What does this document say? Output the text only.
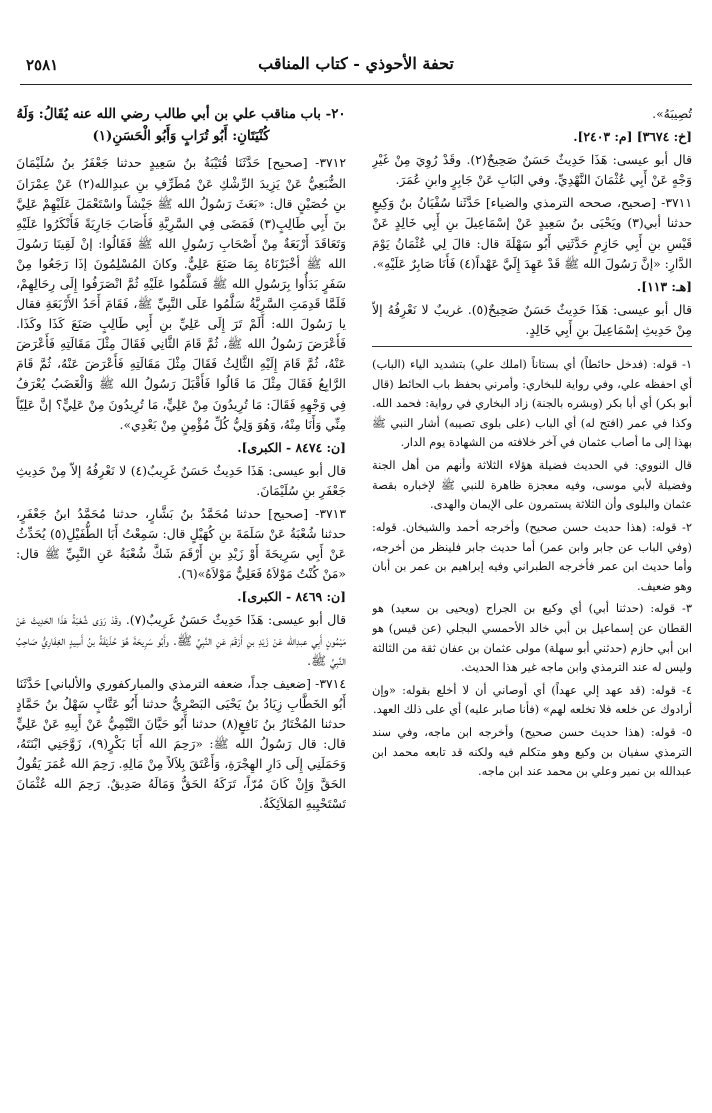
تحفة الأحوذي - كتاب المناقب
٢٥٨١

تُصِيبَهُ».

[خ: ٣٦٧٤] [م: ٢٤٠٣].

قال أبو عيسى: هَذَا حَدِيثٌ حَسَنٌ صَحِيحٌ(٢). وقَدْ رُوِيَ مِنْ غَيْرِ وَجْهٍ عَنْ أَبِي عُثْمَانَ النَّهْدِيِّ. وفي البَابِ عَنْ جَابِرٍ وابنِ عُمَرَ.

٣٧١١- [صحيح، صححه الترمذي والضياء] حَدَّثَنا سُفْيَانُ بنُ وَكِيعٍ حدثنا أبي(٣) ويَحْيَى بنُ سَعِيدٍ عَنْ إسْمَاعِيلَ بنِ أَبِي خَالِدٍ عَنْ قَيْسِ بنِ أَبِي حَازِمٍ حَدَّثَنِي أَبُو سَهْلَةَ قال: قالَ لِي عُثْمَانُ يَوْمَ الدَّارِ: «إنَّ رَسُولَ الله ﷺ قَدْ عَهِدَ إِلَيَّ عَهْداً(٤) فَأَنَا صَابِرٌ عَلَيْهِ».

[هـ: ١١٣].

قال أبو عيسى: هَذَا حَدِيثٌ حَسَنٌ صَحِيحٌ(٥). غريبٌ لا نَعْرِفُهُ إلاّ مِنْ حَدِيثِ إسْمَاعِيلَ بنِ أَبِي خَالِدٍ.

١- قوله: (فدخل حائطاً) أي بستاناً (املك علي) بتشديد الياء (الباب) أي احفظه علي، وفي رواية للبخاري: وأمرني بحفظ باب الحائط (قال أبو بكر) أي أبا بكر (وبشره بالجنة) زاد البخاري في رواية: فحمد الله. وكذا في عمر (افتح له) أي الباب (على بلوى تصيبه) أشار النبي ﷺ بهذا إلى ما أصاب عثمان في آخر خلافته من الشهادة يوم الدار.

قال النووي: في الحديث فضيلة هؤلاء الثلاثة وأنهم من أهل الجنة وفضيلة لأبي موسى، وفيه معجزة ظاهرة للنبي ﷺ لإخباره بقصة عثمان والبلوى وأن الثلاثة يستمرون على الإيمان والهدى.

٢- قوله: (هذا حديث حسن صحيح) وأخرجه أحمد والشيخان. قوله: (وفي الباب عن جابر وابن عمر) أما حديث جابر فلينظر من أخرجه، وأما حديث ابن عمر فأخرجه الطبراني وفيه إبراهيم بن عمر بن أبان وهو ضعيف.

٣- قوله: (حدثنا أبي) أي وكيع بن الجراح (ويحيى بن سعيد) هو القطان عن إسماعيل بن أبي خالد الأحمسي البجلي (عن قيس) هو ابن أبي حازم (حدثني أبو سهلة) مولى عثمان بن عفان ثقة من الثالثة وليس له عند الترمذي وابن ماجه غير هذا الحديث.

٤- قوله: (قد عهد إلي عهداً) أي أوصاني أن لا أخلع بقوله: «وإن أرادوك عن خلعه فلا تخلعه لهم» (فأنا صابر عليه) أي على ذلك العهد.

٥- قوله: (هذا حديث حسن صحيح) وأخرجه ابن ماجه، وفي سند الترمذي سفيان بن وكيع وهو متكلم فيه ولكنه قد تابعه محمد ابن عبدالله بن نمير وعلي بن محمد عند ابن ماجه.

٢٠- باب مناقب علي بن أبي طالب رضي الله عنه يُقَالُ: وَلَهُ كُنْيَتَانِ: أَبُو تُرَابٍ وَأَبُو الْحَسَنِ(١)

٣٧١٢- [صحيح] حَدَّثَنَا قُتَيْبَةُ بنُ سَعِيدٍ حدثنا جَعْفَرُ بنُ سُلَيْمَانَ الضُّبَعِيُّ عَنْ يَزِيدَ الرِّشْكِ عَنْ مُطَرِّفِ بنِ عبدِالله(٢) عَنْ عِمْرَانَ بنِ حُصَيْنٍ قال: «بَعَثَ رَسُولُ الله ﷺ جَيْشاً واسْتَعْمَلَ عَلَيْهِمْ عَلِيَّ بنَ أَبِي طَالِبٍ(٣) فَمَضَى فِي السَّرِيَّةِ فَأَصَابَ جَارِيَةً فَأَنْكَرُوا عَلَيْهِ وَتَعَاقَدَ أَرْبَعَةٌ مِنْ أَصْحَابِ رَسُولِ الله ﷺ فَقَالُوا: إنْ لَقِينَا رَسُولَ الله ﷺ أخْبَرْنَاهُ بِمَا صَنَعَ عَلِيٌّ. وكانَ المُسْلِمُونَ إذَا رَجَعُوا مِنْ سَفَرٍ بَدَأُوا بِرَسُولِ الله ﷺ فَسَلَّمُوا عَلَيْهِ ثُمَّ انْصَرَفُوا إِلَى رِحَالِهِمْ، فَلَمَّا قَدِمَتِ السَّرِيَّةُ سَلَّمُوا عَلَى النَّبِيِّ ﷺ، فَقَامَ أَحَدُ الأَرْبَعَةِ فقال يا رَسُولَ الله: أَلَمْ تَرَ إِلَى عَلِيِّ بنِ أَبِي طَالِبٍ صَنَعَ كَذَا وكَذَا. فَأَعْرَضَ رَسُولُ الله ﷺ، ثُمَّ قَامَ الثَّانِي فَقَالَ مِثْلَ مَقَالَتِهِ فَأَعْرَضَ عَنْهُ، ثُمَّ قَامَ إِلَيْهِ الثَّالِثُ فَقَالَ مِثْلَ مَقَالَتِهِ فَأَعْرَضَ عَنْهُ، ثُمَّ قَامَ الرَّابِعُ فَقَالَ مِثْلَ مَا قَالُوا فَأَقْبَلَ رَسُولُ الله ﷺ وَالْغَضَبُ يُعْرَفُ فِي وَجْهِهِ فَقَالَ: مَا تُرِيدُونَ مِنْ عَلِيٍّ، مَا تُرِيدُونَ مِنْ عَلِيٍّ؟ إنَّ عَلِيّاً مِنِّي وَأَنَا مِنْهُ، وَهُوَ وَلِيُّ كُلِّ مُؤْمِنٍ مِنْ بَعْدِي».

[ن: ٨٤٧٤ - الكبرى].

قال أبو عيسى: هَذَا حَدِيثٌ حَسَنٌ غَرِيبٌ(٤) لا نَعْرِفُهُ إلاّ مِنْ حَدِيثِ جَعْفَرِ بنِ سُلَيْمَانَ.

٣٧١٣- [صحيح] حدثنا مُحَمَّدُ بنُ بَشَّارٍ، حدثنا مُحَمَّدُ ابنُ جَعْفَرٍ، حدثنا شُعْبَةُ عَنْ سَلَمَةَ بنِ كُهَيْلٍ قال: سَمِعْتُ أَبَا الطُّفَيْلِ(٥) يُحَدِّثُ عَنْ أَبِي سَرِيحَةَ أَوْ زَيْدِ بنِ أَرْقَمَ شَكَّ شُعْبَةُ عَنِ النَّبِيِّ ﷺ قال: «مَنْ كُنْتُ مَوْلاَهُ فَعَلِيٌّ مَوْلاَهُ»(٦).

[ن: ٨٤٦٩ - الكبرى].

قال أبو عيسى: هَذَا حَدِيثٌ حَسَنٌ غَرِيبٌ(٧). وقَدْ رَوَى شُعْبَةُ هَذَا الحَدِيثَ عَنْ مَيْمُونٍ أَبِي عبدِالله عَنْ زَيْدِ بنِ أَرْقَمَ عَنِ النَّبِيِّ ﷺ. وأَبُو سَرِيحَةَ هُوَ حُذَيْفَةُ بنُ أَسِيدٍ الغِفَارِيُّ صَاحِبُ النَّبِيِّ ﷺ.

٣٧١٤- [ضعيف جداً، ضعفه الترمذي والمباركفوري والألباني] حَدَّثَنَا أَبُو الخَطَّابِ زِيَادُ بنُ يَحْيَى البَصْرِيُّ حدثنا أَبُو عَتَّابٍ سَهْلُ بنُ حَمَّادٍ حدثنا المُخْتَارُ بنُ نَافِعٍ(٨) حدثنا أَبُو حَيَّانَ التَّيْمِيُّ عَنْ أَبِيهِ عَنْ عَلِيٍّ قال: قال رَسُولُ الله ﷺ: «رَحِمَ الله أَبَا بَكْرٍ(٩)، زَوَّجَنِي ابْنَتَهُ، وَحَمَلَنِي إِلَى دَارِ الهِجْرَةِ، وَأَعْتَقَ بِلاَلاً مِنْ مَالِهِ. رَحِمَ الله عُمَرَ يَقُولُ الحَقَّ وَإِنْ كَانَ مُرّاً، تَرَكَهُ الحَقُّ وَمَالَهُ صَدِيقٌ. رَحِمَ الله عُثْمَانَ تَسْتَحْيِيهِ المَلاَئِكَةُ.
